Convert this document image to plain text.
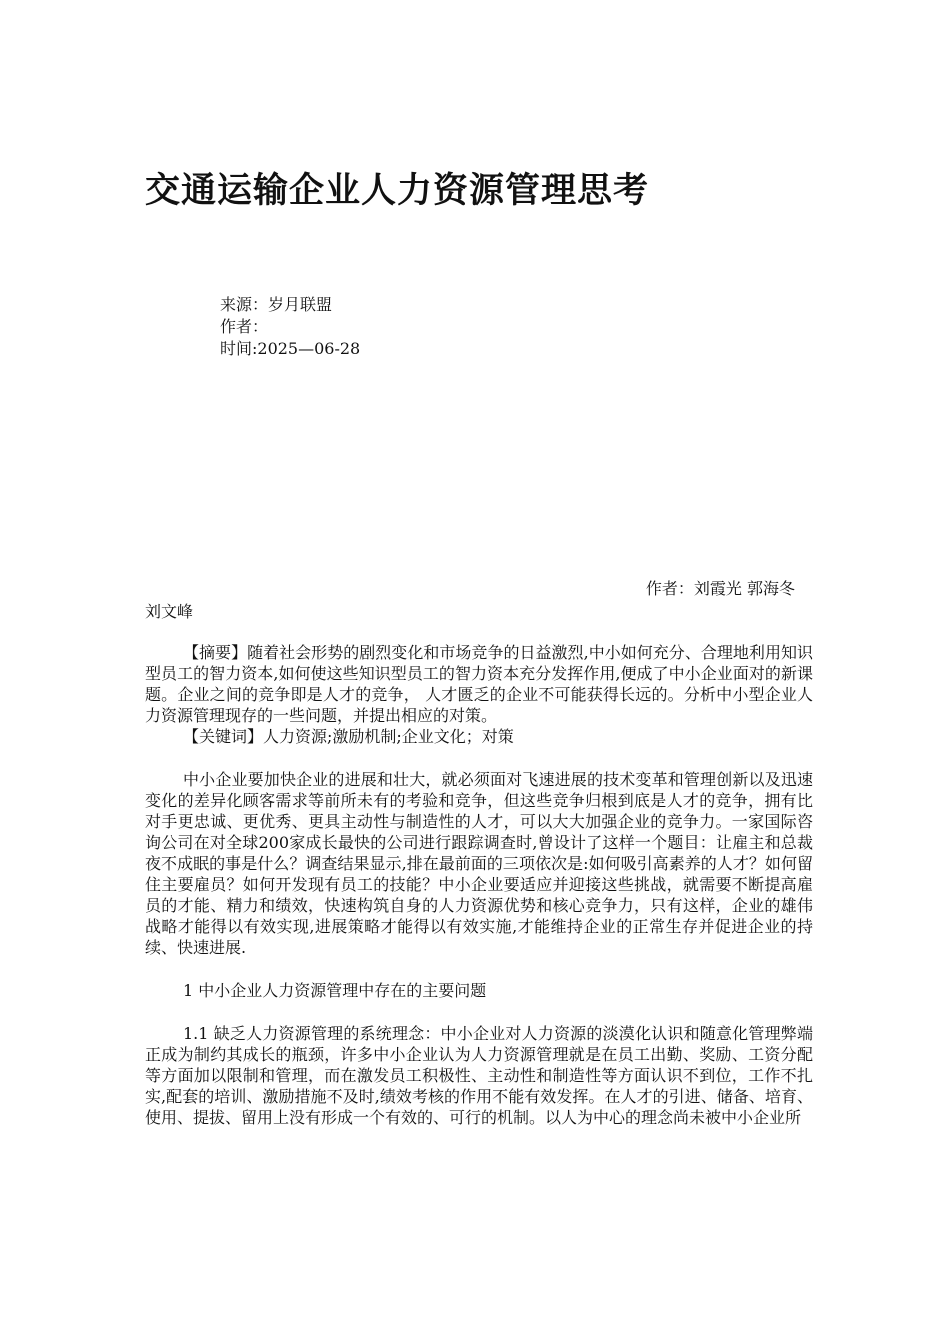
交通运输企业人力资源管理思考
来源：岁月联盟
作者：
时间:2025—06-28
作者：刘霞光 郭海冬
刘文峰

【摘要】随着社会形势的剧烈变化和市场竞争的日益激烈,中小如何充分、合理地利用知识型员工的智力资本,如何使这些知识型员工的智力资本充分发挥作用,便成了中小企业面对的新课题。企业之间的竞争即是人才的竞争， 人才匮乏的企业不可能获得长远的。分析中小型企业人力资源管理现存的一些问题，并提出相应的对策。

【关键词】人力资源;激励机制;企业文化；对策

中小企业要加快企业的进展和壮大，就必须面对飞速进展的技术变革和管理创新以及迅速变化的差异化顾客需求等前所未有的考验和竞争，但这些竞争归根到底是人才的竞争，拥有比对手更忠诚、更优秀、更具主动性与制造性的人才，可以大大加强企业的竞争力。一家国际咨询公司在对全球200家成长最快的公司进行跟踪调查时,曾设计了这样一个题目：让雇主和总裁夜不成眠的事是什么？调查结果显示,排在最前面的三项依次是:如何吸引高素养的人才？如何留住主要雇员？如何开发现有员工的技能？中小企业要适应并迎接这些挑战，就需要不断提高雇员的才能、精力和绩效，快速构筑自身的人力资源优势和核心竞争力，只有这样，企业的雄伟战略才能得以有效实现,进展策略才能得以有效实施,才能维持企业的正常生存并促进企业的持续、快速进展.

1 中小企业人力资源管理中存在的主要问题

1.1 缺乏人力资源管理的系统理念：中小企业对人力资源的淡漠化认识和随意化管理弊端正成为制约其成长的瓶颈，许多中小企业认为人力资源管理就是在员工出勤、奖励、工资分配等方面加以限制和管理，而在激发员工积极性、主动性和制造性等方面认识不到位，工作不扎实,配套的培训、激励措施不及时,绩效考核的作用不能有效发挥。在人才的引进、储备、培育、使用、提拔、留用上没有形成一个有效的、可行的机制。以人为中心的理念尚未被中小企业所
